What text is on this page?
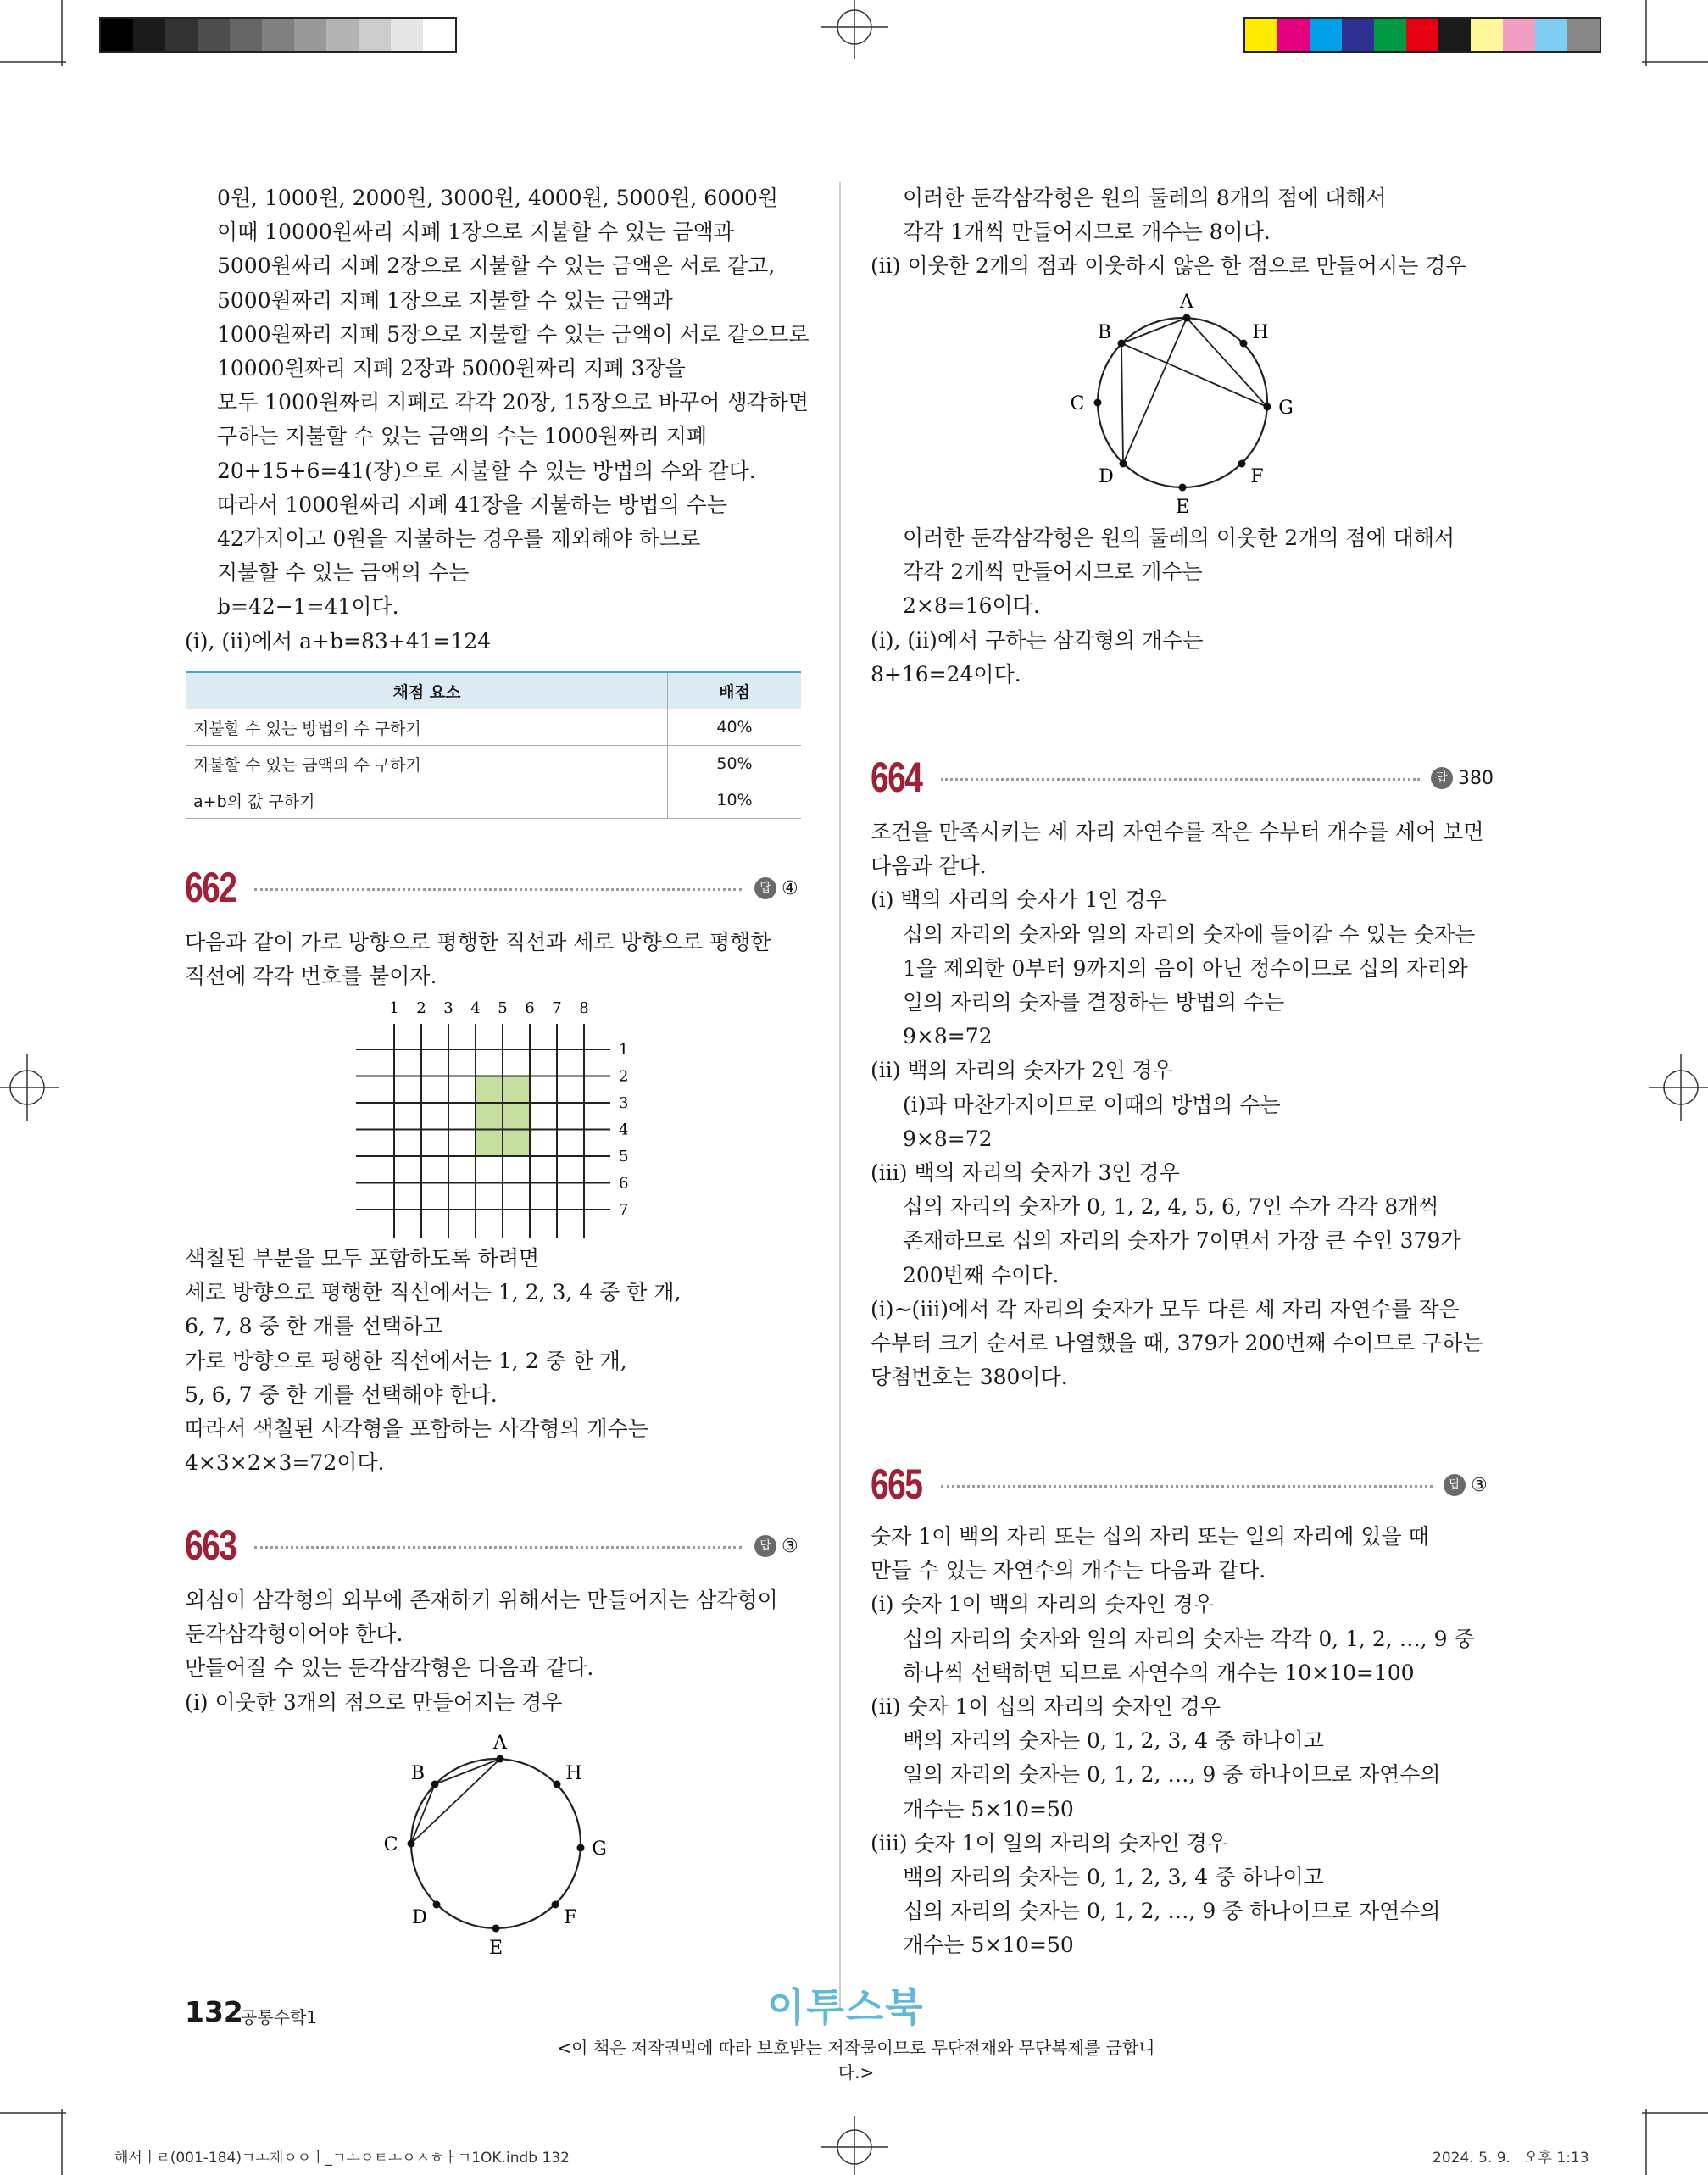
0원, 1000원, 2000원, 3000원, 4000원, 5000원, 6000원

이때 10000원짜리 지폐 1장으로 지불할 수 있는 금액과

5000원짜리 지폐 2장으로 지불할 수 있는 금액은 서로 같고,

5000원짜리 지폐 1장으로 지불할 수 있는 금액과

1000원짜리 지폐 5장으로 지불할 수 있는 금액이 서로 같으므로

10000원짜리 지폐 2장과 5000원짜리 지폐 3장을

모두 1000원짜리 지폐로 각각 20장, 15장으로 바꾸어 생각하면

구하는 지불할 수 있는 금액의 수는 1000원짜리 지폐

20+15+6=41(장)으로 지불할 수 있는 방법의 수와 같다.

따라서 1000원짜리 지폐 41장을 지불하는 방법의 수는

42가지이고 0원을 지불하는 경우를 제외해야 하므로

지불할 수 있는 금액의 수는

b=42−1=41이다.

(ⅰ), (ⅱ)에서 a+b=83+41=124

채점 요소	배점
지불할 수 있는 방법의 수 구하기	40%
지불할 수 있는 금액의 수 구하기	50%
a+b의 값 구하기	10%
662	답 ④

다음과 같이 가로 방향으로 평행한 직선과 세로 방향으로 평행한

직선에 각각 번호를 붙이자.

1 2 3 4 5 6 7 8
1
2
3
4
5
6
7

색칠된 부분을 모두 포함하도록 하려면

세로 방향으로 평행한 직선에서는 1, 2, 3, 4 중 한 개,

6, 7, 8 중 한 개를 선택하고

가로 방향으로 평행한 직선에서는 1, 2 중 한 개,

5, 6, 7 중 한 개를 선택해야 한다.

따라서 색칠된 사각형을 포함하는 사각형의 개수는

4×3×2×3=72이다.

663	답 ③

외심이 삼각형의 외부에 존재하기 위해서는 만들어지는 삼각형이

둔각삼각형이어야 한다.

만들어질 수 있는 둔각삼각형은 다음과 같다.

(ⅰ) 이웃한 3개의 점으로 만들어지는 경우

A
B
C
D
E
F
G
H

이러한 둔각삼각형은 원의 둘레의 8개의 점에 대해서

각각 1개씩 만들어지므로 개수는 8이다.

(ⅱ) 이웃한 2개의 점과 이웃하지 않은 한 점으로 만들어지는 경우

A
B
C
D
E
F
G
H

이러한 둔각삼각형은 원의 둘레의 이웃한 2개의 점에 대해서

각각 2개씩 만들어지므로 개수는

2×8=16이다.

(ⅰ), (ⅱ)에서 구하는 삼각형의 개수는

8+16=24이다.

664	답 380

조건을 만족시키는 세 자리 자연수를 작은 수부터 개수를 세어 보면

다음과 같다.

(ⅰ) 백의 자리의 숫자가 1인 경우

십의 자리의 숫자와 일의 자리의 숫자에 들어갈 수 있는 숫자는

1을 제외한 0부터 9까지의 음이 아닌 정수이므로 십의 자리와

일의 자리의 숫자를 결정하는 방법의 수는

9×8=72

(ⅱ) 백의 자리의 숫자가 2인 경우

(ⅰ)과 마찬가지이므로 이때의 방법의 수는

9×8=72

(ⅲ) 백의 자리의 숫자가 3인 경우

십의 자리의 숫자가 0, 1, 2, 4, 5, 6, 7인 수가 각각 8개씩

존재하므로 십의 자리의 숫자가 7이면서 가장 큰 수인 379가

200번째 수이다.

(ⅰ)~(ⅲ)에서 각 자리의 숫자가 모두 다른 세 자리 자연수를 작은

수부터 크기 순서로 나열했을 때, 379가 200번째 수이므로 구하는

당첨번호는 380이다.

665	답 ③

숫자 1이 백의 자리 또는 십의 자리 또는 일의 자리에 있을 때

만들 수 있는 자연수의 개수는 다음과 같다.

(ⅰ) 숫자 1이 백의 자리의 숫자인 경우

십의 자리의 숫자와 일의 자리의 숫자는 각각 0, 1, 2, …, 9 중

하나씩 선택하면 되므로 자연수의 개수는 10×10=100

(ⅱ) 숫자 1이 십의 자리의 숫자인 경우

백의 자리의 숫자는 0, 1, 2, 3, 4 중 하나이고

일의 자리의 숫자는 0, 1, 2, …, 9 중 하나이므로 자연수의

개수는 5×10=50

(ⅲ) 숫자 1이 일의 자리의 숫자인 경우

백의 자리의 숫자는 0, 1, 2, 3, 4 중 하나이고

십의 자리의 숫자는 0, 1, 2, …, 9 중 하나이므로 자연수의

개수는 5×10=50

132
공통수학1	이투스북
<이 책은 저작권법에 따라 보호받는 저작물이므로 무단전재와 무단복제를 금합니다.>
해서ㅓㄹ(001-184)ㄱㅗ재ㅇㅇㅣ_ㄱㅗㅇㅌㅗㅇㅅㅎㅏㄱ1OK.indb 132	2024. 5. 9.   오후 1:13
